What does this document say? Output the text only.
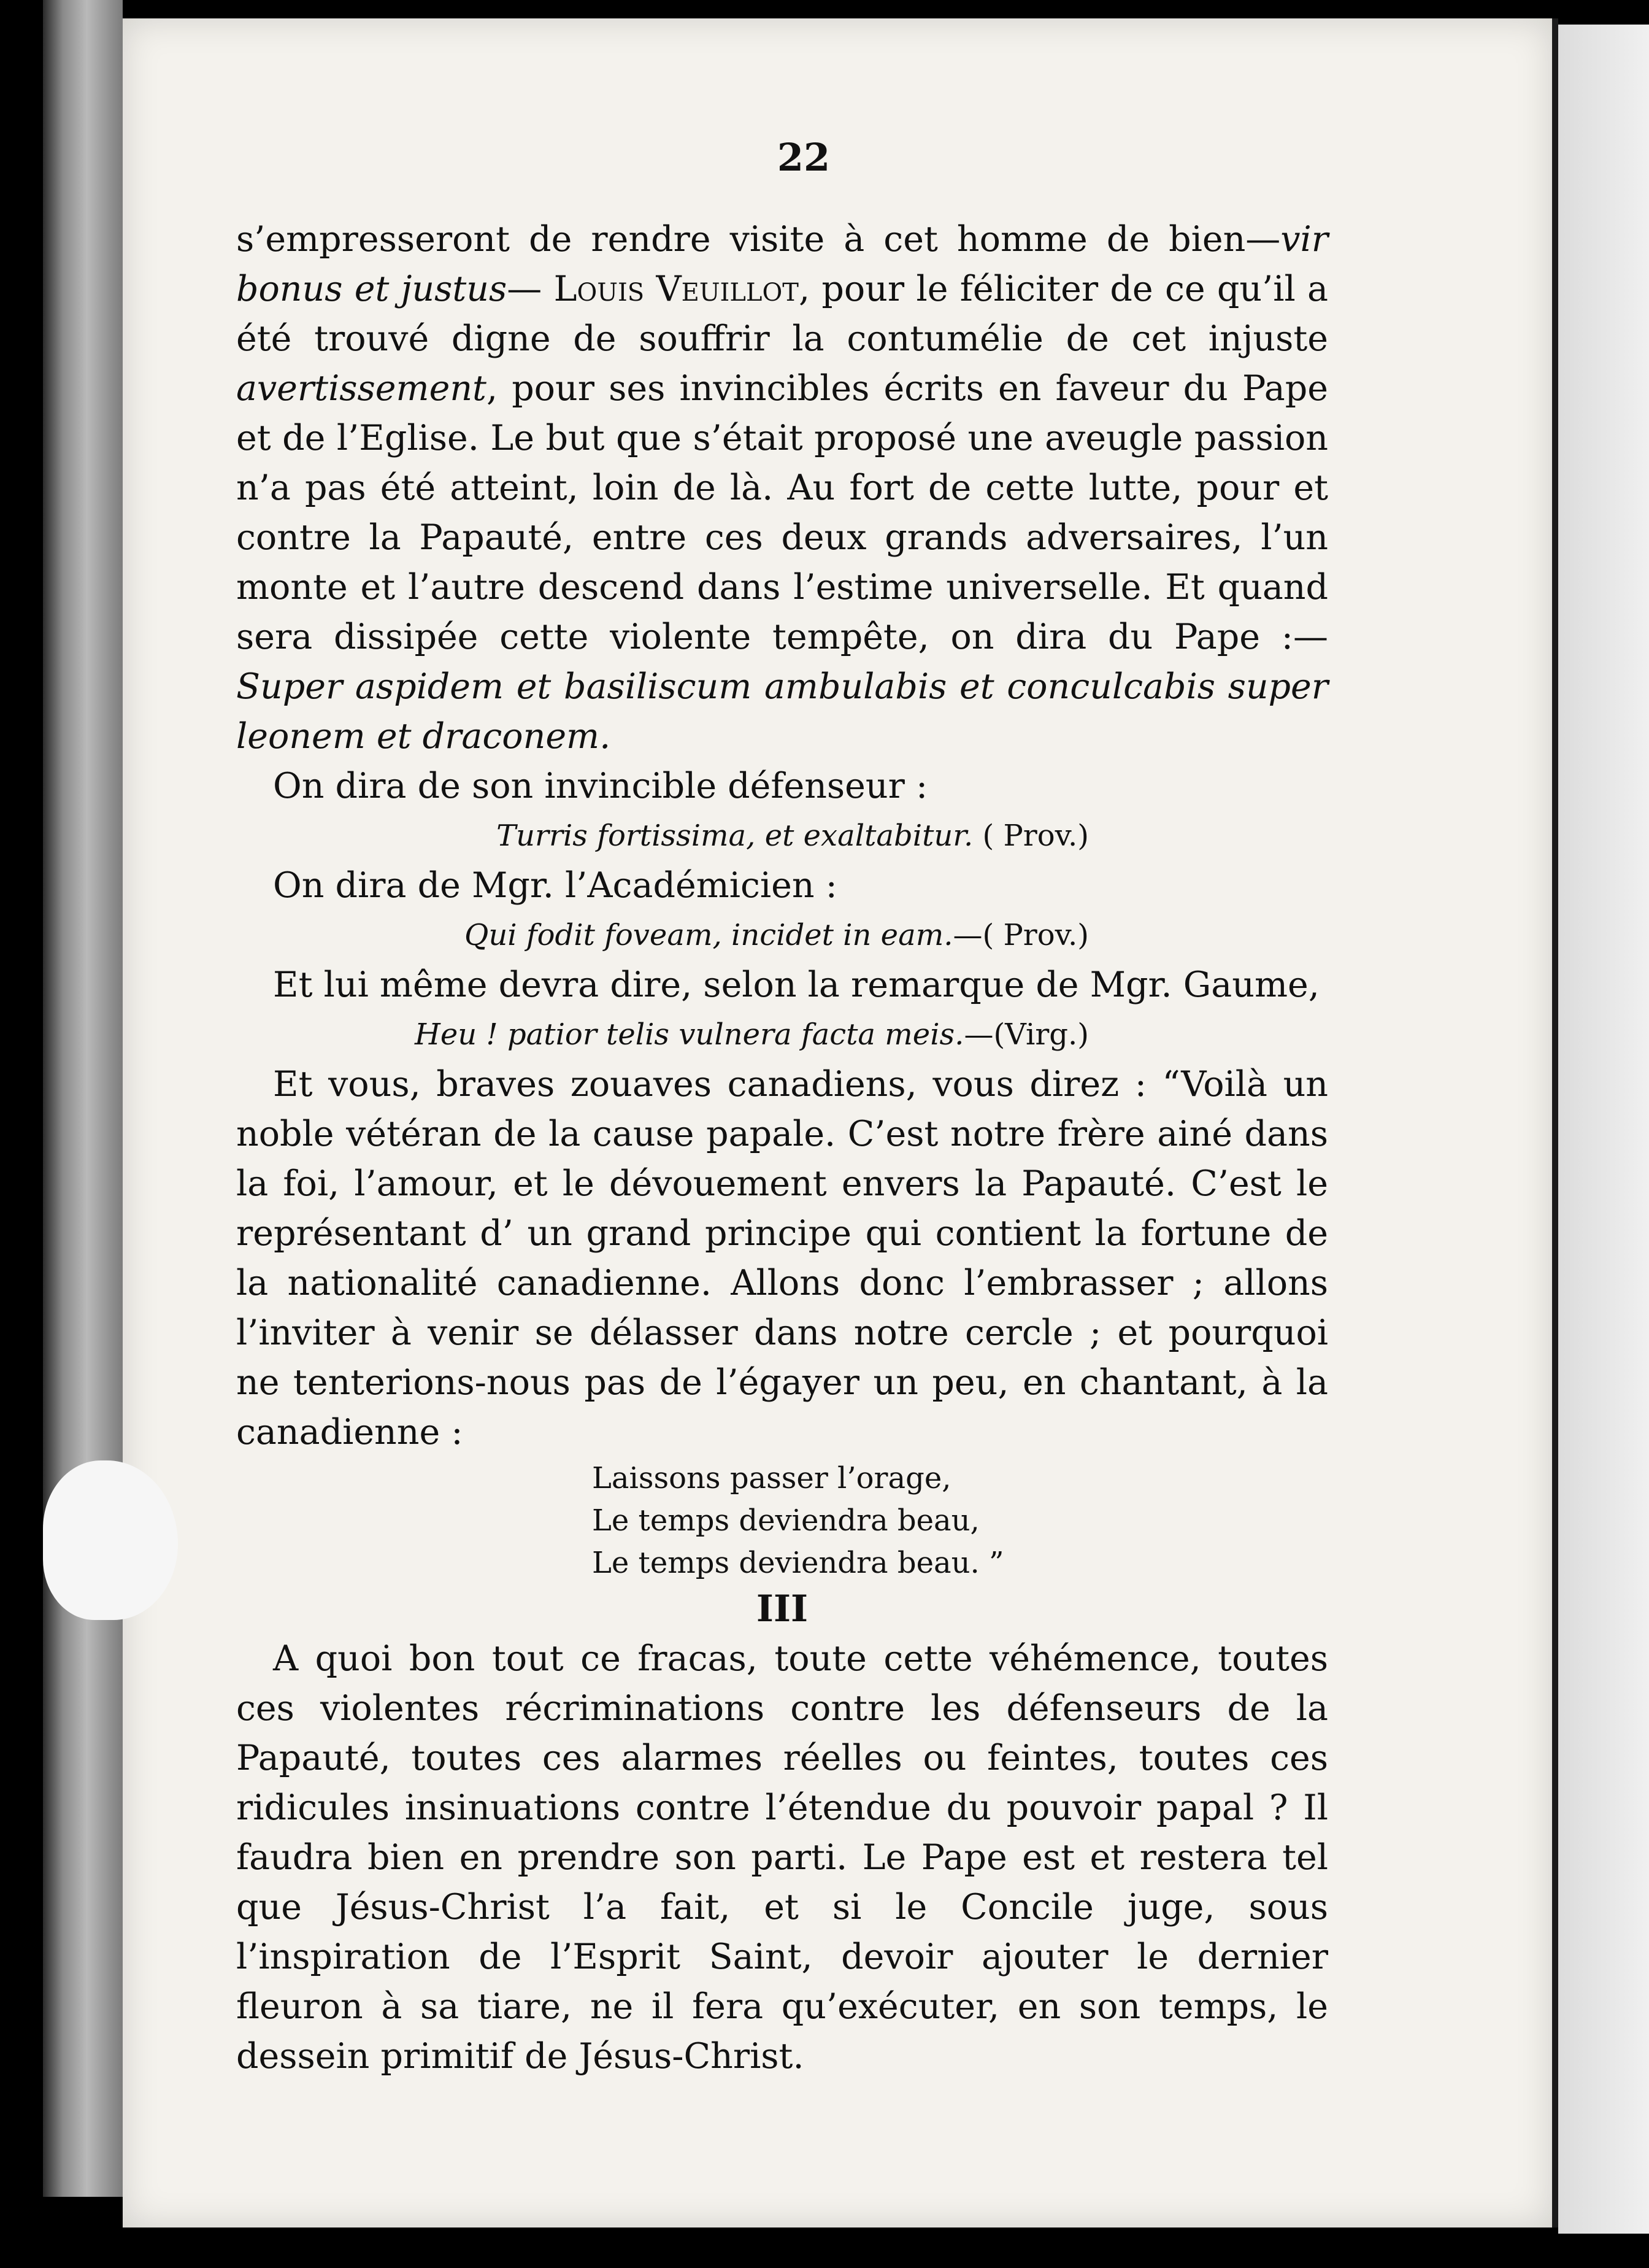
22

s’empresseront de rendre visite à cet homme de bien—vir bonus et justus— Louis Veuillot, pour le féliciter de ce qu’il a été trouvé digne de souffrir la contumélie de cet injuste avertissement, pour ses invincibles écrits en faveur du Pape et de l’Eglise. Le but que s’était proposé une aveugle passion n’a pas été atteint, loin de là. Au fort de cette lutte, pour et contre la Papauté, entre ces deux grands adversaires, l’un monte et l’autre descend dans l’estime universelle. Et quand sera dissipée cette violente tempête, on dira du Pape :—Super aspidem et basiliscum ambulabis et conculcabis super leonem et draconem.

On dira de son invincible défenseur :

Turris fortissima, et exaltabitur. ( Prov.)

On dira de Mgr. l’Académicien :

Qui fodit foveam, incidet in eam.—( Prov.)

Et lui même devra dire, selon la remarque de Mgr. Gaume,

Heu ! patior telis vulnera facta meis.—(Virg.)

Et vous, braves zouaves canadiens, vous direz : “Voilà un noble vétéran de la cause papale. C’est notre frère ainé dans la foi, l’amour, et le dévouement envers la Papauté. C’est le représentant d’ un grand principe qui contient la fortune de la nationalité canadienne. Allons donc l’embrasser ; allons l’inviter à venir se délasser dans notre cercle ; et pourquoi ne tenterions-nous pas de l’égayer un peu, en chantant, à la canadienne :

Laissons passer l’orage,
Le temps deviendra beau,
Le temps deviendra beau. ”

III

A quoi bon tout ce fracas, toute cette véhémence, toutes ces violentes récriminations contre les défenseurs de la Papauté, toutes ces alarmes réelles ou feintes, toutes ces ridicules insinuations contre l’étendue du pouvoir papal ? Il faudra bien en prendre son parti. Le Pape est et restera tel que Jésus-Christ l’a fait, et si le Concile juge, sous l’inspiration de l’Esprit Saint, devoir ajouter le dernier fleuron à sa tiare, ne il fera qu’exécuter, en son temps, le dessein primitif de Jésus-Christ.
